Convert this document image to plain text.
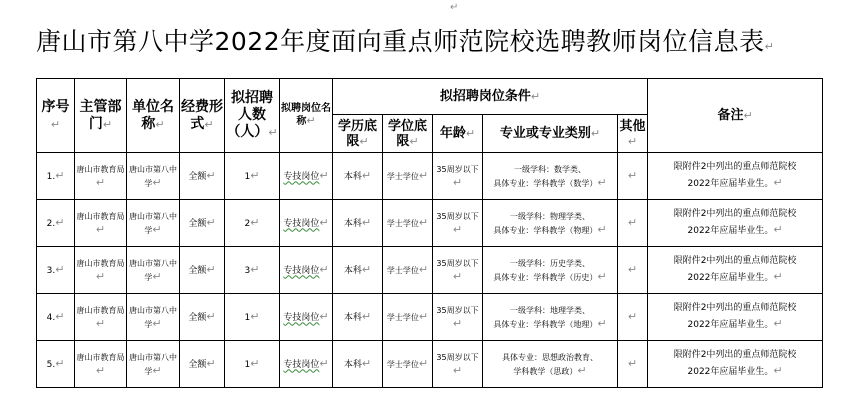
↵
唐山市第八中学2022年度面向重点师范院校选聘教师岗位信息表↵
序号↵	主管部门↵	单位名称↵	经费形式↵	拟招聘人数（人）↵	拟聘岗位名称↵	拟招聘岗位条件↵					备注↵
						学历底限↵	学位底限↵	年龄↵	专业或专业类别↵	其他↵	
1.↵	唐山市教育局↵	唐山市第八中学↵	全额↵	1↵	专技岗位↵	本科↵	学士学位↵	35周岁以下↵	一级学科：数学类、
具体专业：学科教学（数学）↵	↵	限附件2中列出的重点师范院校
2022年应届毕业生。↵
2.↵	唐山市教育局↵	唐山市第八中学↵	全额↵	2↵	专技岗位↵	本科↵	学士学位↵	35周岁以下↵	一级学科：物理学类、
具体专业：学科教学（物理）↵	↵	限附件2中列出的重点师范院校
2022年应届毕业生。↵
3.↵	唐山市教育局↵	唐山市第八中学↵	全额↵	3↵	专技岗位↵	本科↵	学士学位↵	35周岁以下↵	一级学科：历史学类、
具体专业：学科教学（历史）↵	↵	限附件2中列出的重点师范院校
2022年应届毕业生。↵
4.↵	唐山市教育局↵	唐山市第八中学↵	全额↵	1↵	专技岗位↵	本科↵	学士学位↵	35周岁以下↵	一级学科：地理学类、
具体专业：学科教学（地理）↵	↵	限附件2中列出的重点师范院校
2022年应届毕业生。↵
5.↵	唐山市教育局↵	唐山市第八中学↵	全额↵	1↵	专技岗位↵	本科↵	学士学位↵	35周岁以下↵	具体专业：思想政治教育、
学科教学（思政）↵	↵	限附件2中列出的重点师范院校
2022年应届毕业生。↵
